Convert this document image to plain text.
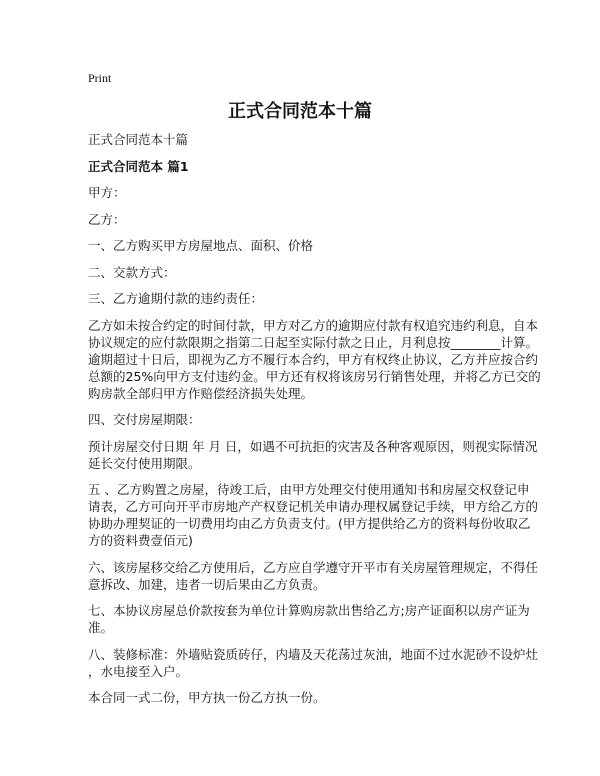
Print
正式合同范本十篇

正式合同范本十篇

正式合同范本 篇1

甲方：

乙方：

一、乙方购买甲方房屋地点、面积、价格

二、交款方式：

三、乙方逾期付款的违约责任：

乙方如未按合约定的时间付款，甲方对乙方的逾期应付款有权追究违约利息，自本
协议规定的应付款限期之指第二日起至实际付款之日止，月利息按________计算。
逾期超过十日后，即视为乙方不履行本合约，甲方有权终止协议，乙方并应按合约
总额的25%向甲方支付违约金。甲方还有权将该房另行销售处理，并将乙方已交的
购房款全部归甲方作赔偿经济损失处理。

四、交付房屋期限：

预计房屋交付日期 年 月 日，如遇不可抗拒的灾害及各种客观原因，则视实际情况
延长交付使用期限。

五 、乙方购置之房屋，待竣工后，由甲方处理交付使用通知书和房屋交权登记申
请表，乙方可向开平市房地产产权登记机关申请办理权属登记手续，甲方给乙方的
协助办理契证的一切费用均由乙方负责支付。(甲方提供给乙方的资料每份收取乙
方的资料费壹佰元)

六、该房屋移交给乙方使用后，乙方应自学遵守开平市有关房屋管理规定，不得任
意拆改、加建，违者一切后果由乙方负责。

七、本协议房屋总价款按套为单位计算购房款出售给乙方;房产证面积以房产证为
准。

八、装修标准：外墙贴瓷质砖仔，内墙及天花荡过灰油，地面不过水泥砂不设炉灶
，水电接至入户。

本合同一式二份，甲方执一份乙方执一份。
